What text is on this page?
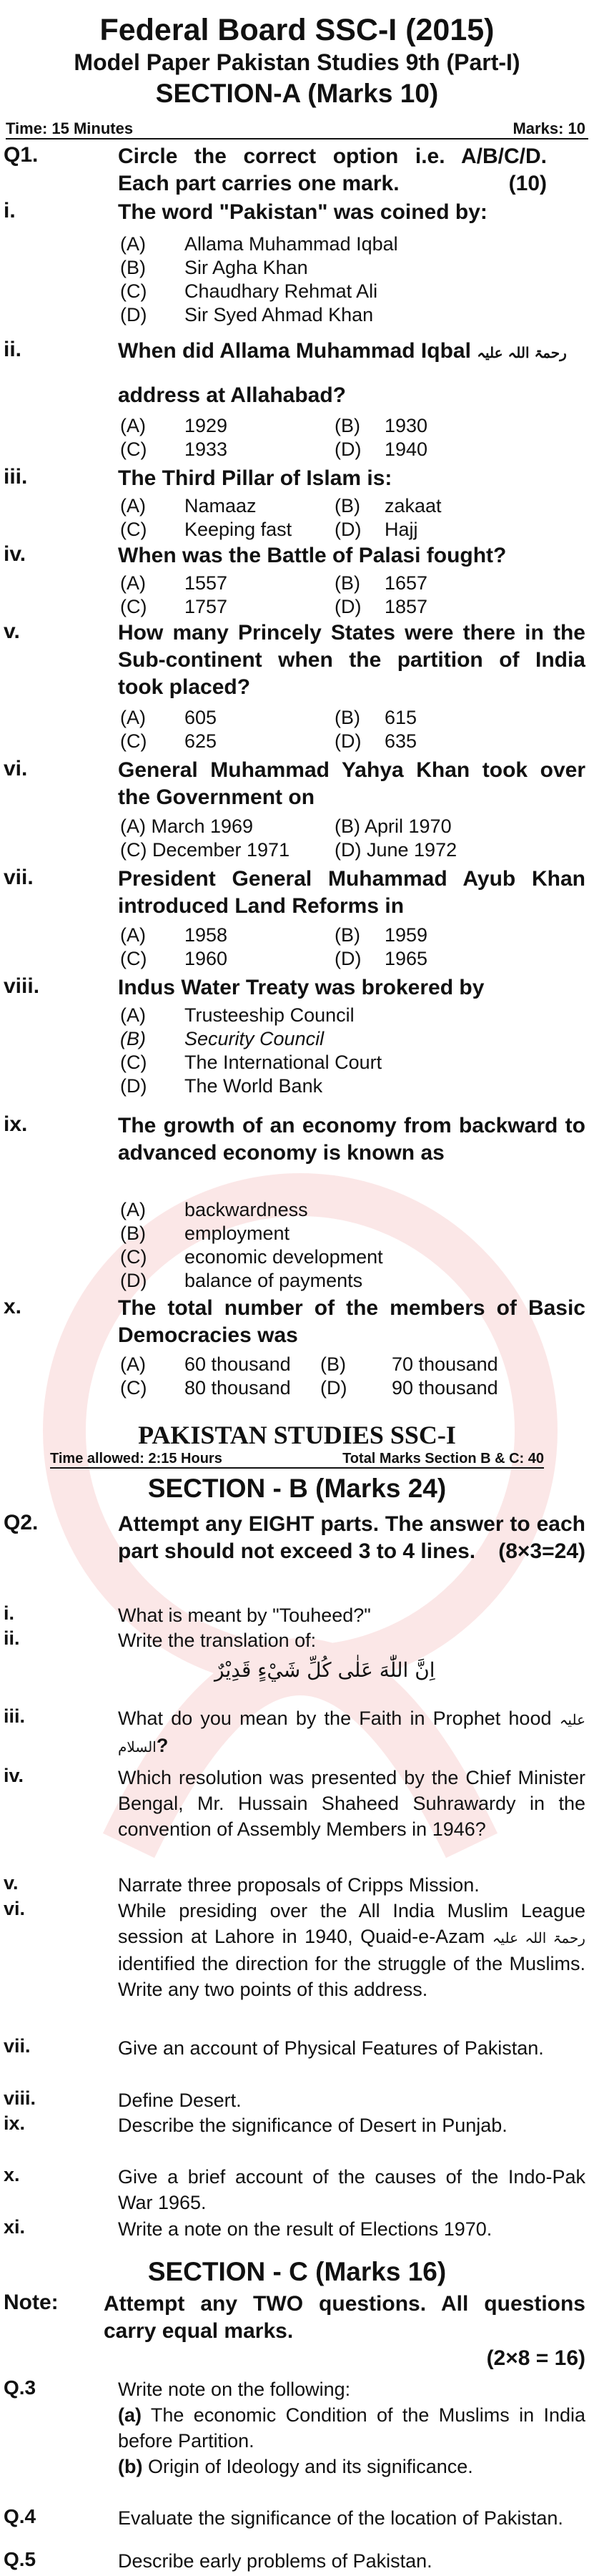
Federal Board SSC-I (2015)
Model Paper Pakistan Studies 9th (Part-I)
SECTION-A (Marks 10)
Time: 15 Minutes	Marks: 10
Q1.	Circle the correct option i.e. A/B/C/D. Each part carries one mark.	(10)
i.	The word "Pakistan" was coined by:
(A) Allama Muhammad Iqbal
(B) Sir Agha Khan
(C) Chaudhary Rehmat Ali
(D) Sir Syed Ahmad Khan
ii.	When did Allama Muhammad Iqbal رحمۃ اللہ علیہ
address at Allahabad?
(A) 1929	(B) 1930
(C) 1933	(D) 1940
iii.	The Third Pillar of Islam is:
(A) Namaaz	(B) zakaat
(C) Keeping fast (D) Hajj
iv.	When was the Battle of Palasi fought?
(A) 1557	(B) 1657
(C) 1757	(D) 1857
v.	How many Princely States were there in the Sub-continent when the partition of India took placed?
(A) 605	(B) 615
(C) 625	(D) 635
vi.	General Muhammad Yahya Khan took over the Government on
(A) March 1969	(B) April 1970
(C) December 1971 (D) June 1972
vii.	President General Muhammad Ayub Khan introduced Land Reforms in
(A) 1958	(B) 1959
(C) 1960	(D) 1965
viii.	Indus Water Treaty was brokered by
(A) Trusteeship Council
(B) Security Council
(C) The International Court
(D) The World Bank
ix.	The growth of an economy from backward to advanced economy is known as
(A) backwardness
(B) employment
(C) economic development
(D) balance of payments
x.	The total number of the members of Basic Democracies was
(A) 60 thousand (B) 70 thousand
(C) 80 thousand (D) 90 thousand
PAKISTAN STUDIES SSC-I
Time allowed: 2:15 Hours	Total Marks Section B & C: 40
SECTION - B (Marks 24)
Q2.	Attempt any EIGHT parts. The answer to each part should not exceed 3 to 4 lines. (8×3=24)
i.	What is meant by "Touheed?"
ii.	Write the translation of:
اِنَّ اللّٰهَ عَلٰى كُلِّ شَيْءٍ قَدِيْرٌ
iii.	What do you mean by the Faith in Prophet hood علیہ السلام?
iv.	Which resolution was presented by the Chief Minister Bengal, Mr. Hussain Shaheed Suhrawardy in the convention of Assembly Members in 1946?
v.	Narrate three proposals of Cripps Mission.
vi.	While presiding over the All India Muslim League session at Lahore in 1940, Quaid-e-Azam رحمۃ اللہ علیہ identified the direction for the struggle of the Muslims. Write any two points of this address.
vii.	Give an account of Physical Features of Pakistan.
viii.	Define Desert.
ix.	Describe the significance of Desert in Punjab.
x.	Give a brief account of the causes of the Indo-Pak War 1965.
xi.	Write a note on the result of Elections 1970.
SECTION - C (Marks 16)
Note: Attempt any TWO questions. All questions carry equal marks.
(2×8 = 16)
Q.3	Write note on the following:
(a) The economic Condition of the Muslims in India before Partition.
(b) Origin of Ideology and its significance.
Q.4	Evaluate the significance of the location of Pakistan.
Q.5	Describe early problems of Pakistan.
